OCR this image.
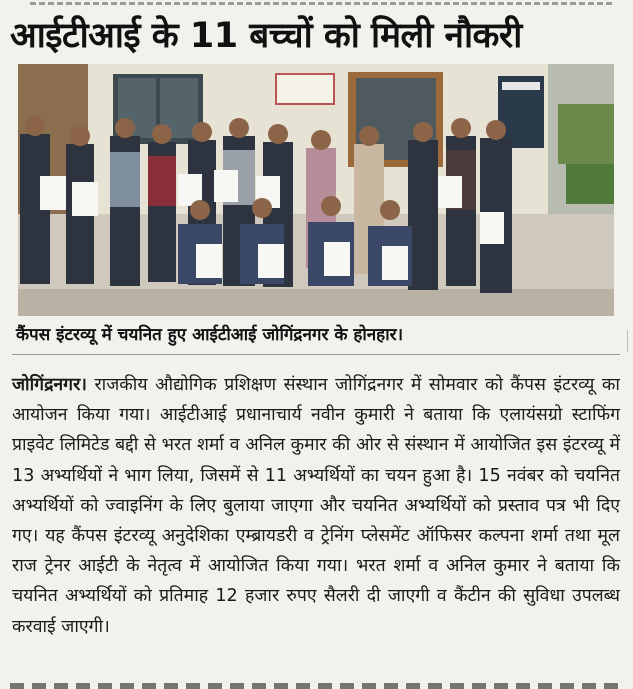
आईटीआई के 11 बच्चों को मिली नौकरी
कैंपस इंटरव्यू में चयनित हुए आईटीआई जोगिंद्रनगर के होनहार।
जोगिंद्रनगर। राजकीय औद्योगिक प्रशिक्षण संस्थान जोगिंद्रनगर में सोमवार को कैंपस इंटरव्यू का आयोजन किया गया। आईटीआई प्रधानाचार्य नवीन कुमारी ने बताया कि एलायंसग्रो स्टाफिंग प्राइवेट लिमिटेड बद्दी से भरत शर्मा व अनिल कुमार की ओर से संस्थान में आयोजित इस इंटरव्यू में 13 अभ्यर्थियों ने भाग लिया, जिसमें से 11 अभ्यर्थियों का चयन हुआ है। 15 नवंबर को चयनित अभ्यर्थियों को ज्वाइनिंग के लिए बुलाया जाएगा और चयनित अभ्यर्थियों को प्रस्ताव पत्र भी दिए गए। यह कैंपस इंटरव्यू अनुदेशिका एम्ब्रायडरी व ट्रेनिंग प्लेसमेंट ऑफिसर कल्पना शर्मा तथा मूल राज ट्रेनर आईटी के नेतृत्व में आयोजित किया गया। भरत शर्मा व अनिल कुमार ने बताया कि चयनित अभ्यर्थियों को प्रतिमाह 12 हजार रुपए सैलरी दी जाएगी व कैंटीन की सुविधा उपलब्ध करवाई जाएगी।
